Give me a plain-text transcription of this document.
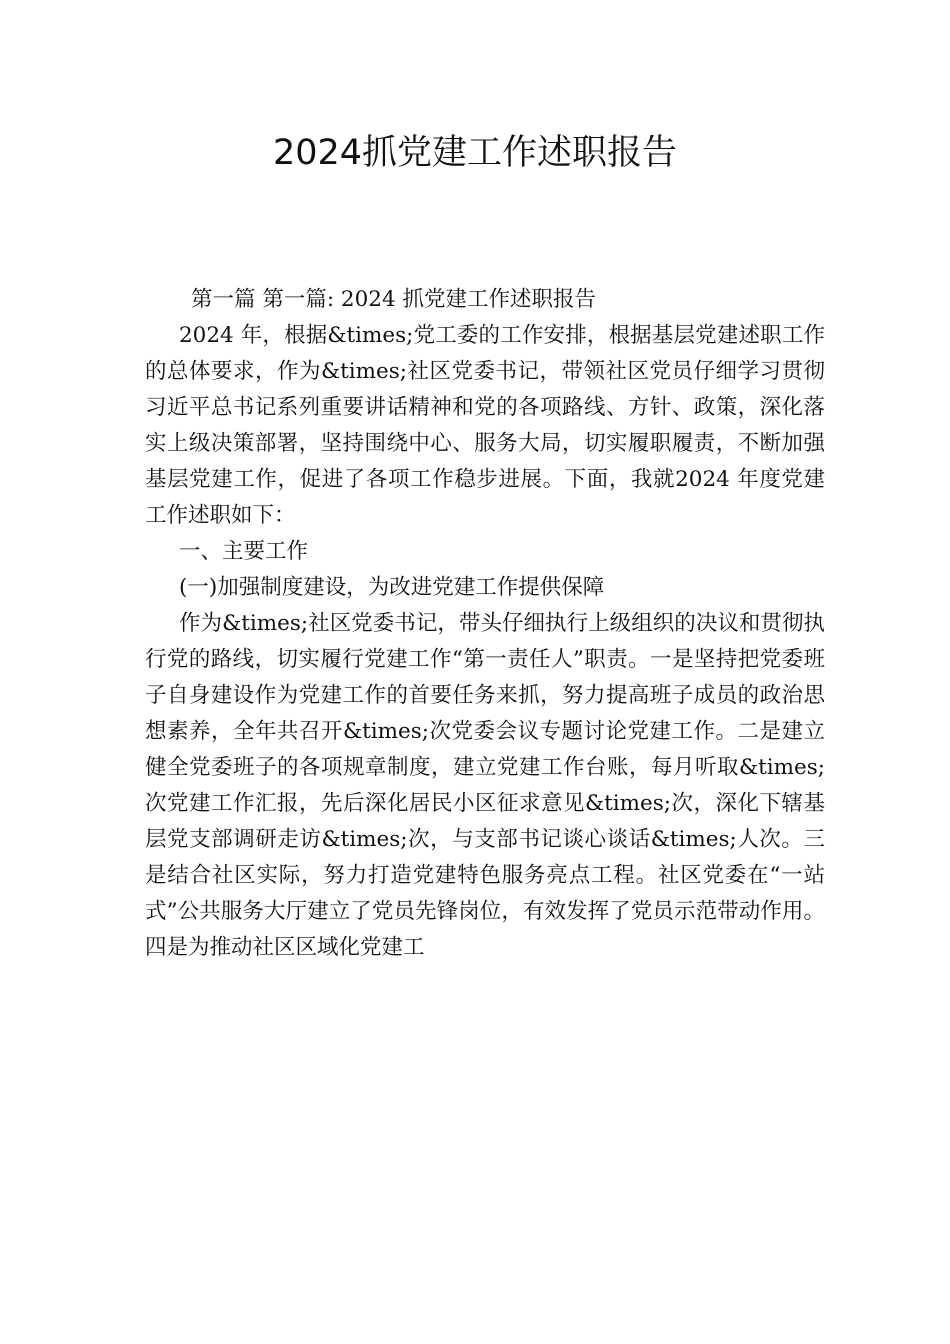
2024抓党建工作述职报告

第一篇 第一篇: 2024 抓党建工作述职报告

2024 年，根据&times;党工委的工作安排，根据基层党建述职工作的总体要求，作为&times;社区党委书记，带领社区党员仔细学习贯彻习近平总书记系列重要讲话精神和党的各项路线、方针、政策，深化落实上级决策部署，坚持围绕中心、服务大局，切实履职履责，不断加强基层党建工作，促进了各项工作稳步进展。下面，我就2024 年度党建工作述职如下：

一、主要工作

(一)加强制度建设，为改进党建工作提供保障

作为&times;社区党委书记，带头仔细执行上级组织的决议和贯彻执行党的路线，切实履行党建工作“第一责任人”职责。一是坚持把党委班子自身建设作为党建工作的首要任务来抓，努力提高班子成员的政治思想素养，全年共召开&times;次党委会议专题讨论党建工作。二是建立健全党委班子的各项规章制度，建立党建工作台账，每月听取&times;次党建工作汇报，先后深化居民小区征求意见&times;次，深化下辖基层党支部调研走访&times;次，与支部书记谈心谈话&times;人次。三是结合社区实际，努力打造党建特色服务亮点工程。社区党委在“一站式”公共服务大厅建立了党员先锋岗位，有效发挥了党员示范带动作用。四是为推动社区区域化党建工
